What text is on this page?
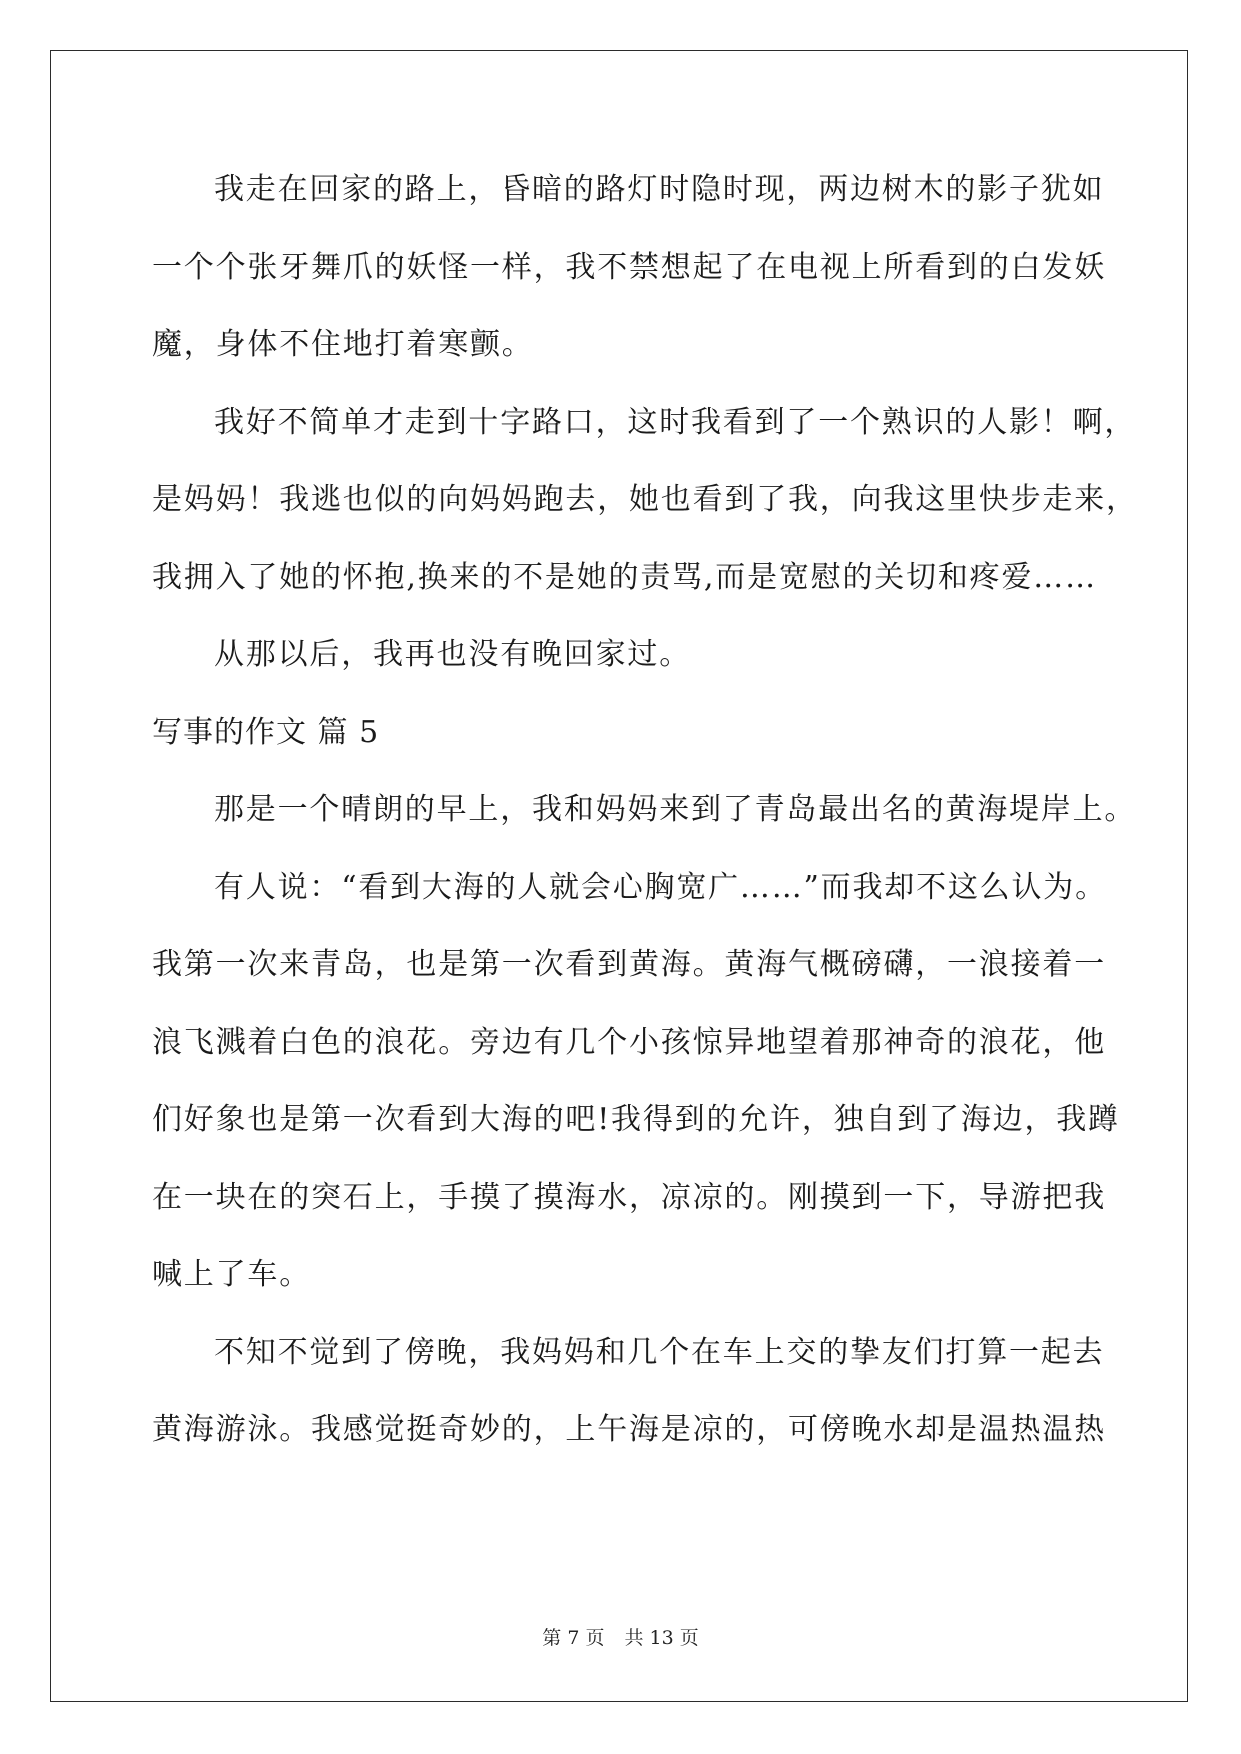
我走在回家的路上，昏暗的路灯时隐时现，两边树木的影子犹如
一个个张牙舞爪的妖怪一样，我不禁想起了在电视上所看到的白发妖
魔，身体不住地打着寒颤。
我好不简单才走到十字路口，这时我看到了一个熟识的人影！啊，
是妈妈！我逃也似的向妈妈跑去，她也看到了我，向我这里快步走来，
我拥入了她的怀抱,换来的不是她的责骂,而是宽慰的关切和疼爱……
从那以后，我再也没有晚回家过。
写事的作文 篇 5
那是一个晴朗的早上，我和妈妈来到了青岛最出名的黄海堤岸上。
有人说：“看到大海的人就会心胸宽广……”而我却不这么认为。
我第一次来青岛，也是第一次看到黄海。黄海气概磅礴，一浪接着一
浪飞溅着白色的浪花。旁边有几个小孩惊异地望着那神奇的浪花，他
们好象也是第一次看到大海的吧!我得到的允许，独自到了海边，我蹲
在一块在的突石上，手摸了摸海水，凉凉的。刚摸到一下，导游把我
喊上了车。
不知不觉到了傍晚，我妈妈和几个在车上交的挚友们打算一起去
黄海游泳。我感觉挺奇妙的，上午海是凉的，可傍晚水却是温热温热
第 7 页 共 13 页
